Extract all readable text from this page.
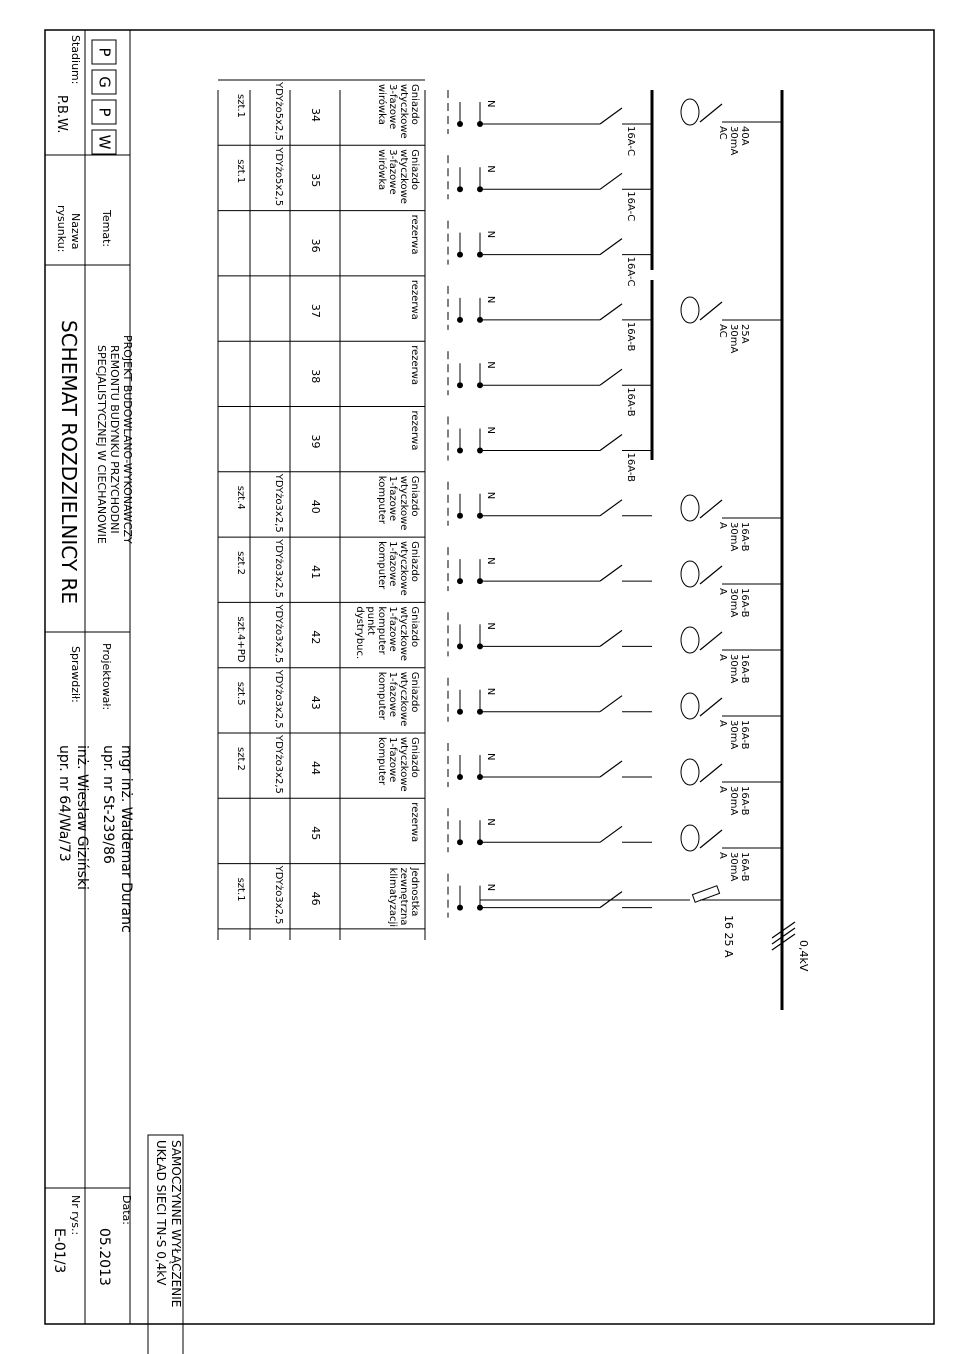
P
G
P
W
N
16A-C
Gniazdowtyczkowe3-fazowewirówka
34
YDYżo5x2,5
szt.1
N
16A-C
Gniazdowtyczkowe3-fazowewirówka
35
YDYżo5x2,5
szt.1
N
16A-C
rezerwa
36
N
16A-B
rezerwa
37
N
16A-B
rezerwa
38
N
16A-B
rezerwa
39
N
Gniazdowtyczkowe1-fazowekomputer
40
YDYżo3x2,5
szt.4
N
Gniazdowtyczkowe1-fazowekomputer
41
YDYżo3x2,5
szt.2
N
Gniazdowtyczkowe1-fazowekomputerpunktdystrybuc.
42
YDYżo3x2,5
szt.4+PD
N
Gniazdowtyczkowe1-fazowekomputer
43
YDYżo3x2,5
szt.5
N
Gniazdowtyczkowe1-fazowekomputer
44
YDYżo3x2,5
szt.2
N
rezerwa
45
N
Jednostkazewnętrznaklimatyzacji
46
YDYżo3x2,5
szt.1
40A30mAAC
25A30mAAC
16A-B30mAA
16A-B30mAA
16A-B30mAA
16A-B30mAA
16A-B30mAA
16A-B30mAA
0,4kV
16 25 A
SAMOCZYNNE WYŁĄCZENIE
UKŁAD SIECI TN-S 0,4kV
Temat:
PROJEKT BUDOWLANO-WYKONAWCZY
REMONTU BUDYNKU PRZYCHODNI
SPECJALISTYCZNEJ W CIECHANOWIE
Stadium:
P.B.W.
Nazwa
rysunku:
SCHEMAT ROZDZIELNICY RE
Projektował:
mgr inż. Waldemar Duranc
upr. nr St-239/86
Sprawdził:
inż. Wiesław Giziński
upr. nr 64/Wa/73
Data:
05.2013
Nr rys.:
E-01/3
